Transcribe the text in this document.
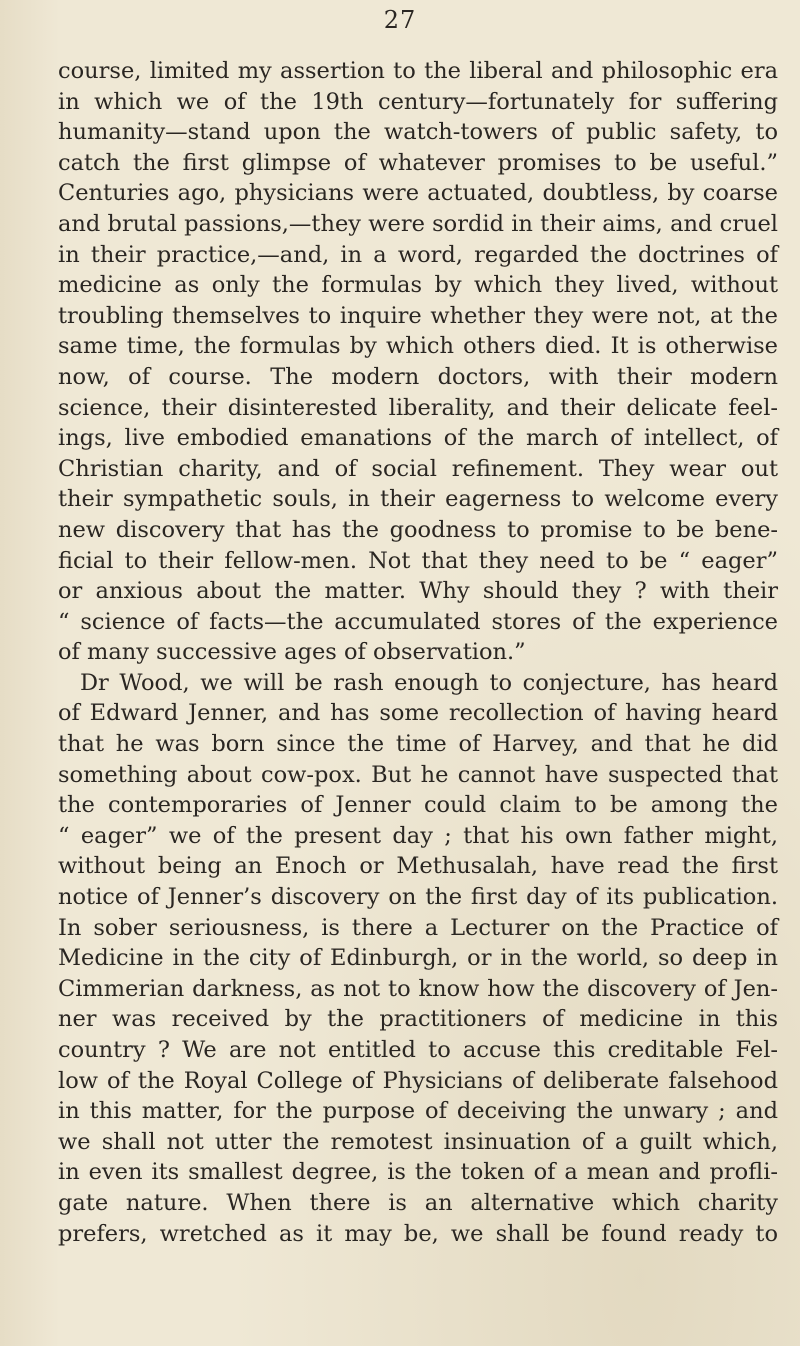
27
course, limited my assertion to the liberal and philosophic era
in which we of the 19th century—fortunately for suffering
humanity—stand upon the watch-towers of public safety, to
catch the first glimpse of whatever promises to be useful.”
Centuries ago, physicians were actuated, doubtless, by coarse
and brutal passions,—they were sordid in their aims, and cruel
in their practice,—and, in a word, regarded the doctrines of
medicine as only the formulas by which they lived, without
troubling themselves to inquire whether they were not, at the
same time, the formulas by which others died. It is otherwise
now, of course. The modern doctors, with their modern
science, their disinterested liberality, and their delicate feel-
ings, live embodied emanations of the march of intellect, of
Christian charity, and of social refinement. They wear out
their sympathetic souls, in their eagerness to welcome every
new discovery that has the goodness to promise to be bene-
ficial to their fellow-men. Not that they need to be “ eager”
or anxious about the matter. Why should they ? with their
“ science of facts—the accumulated stores of the experience
of many successive ages of observation.”
Dr Wood, we will be rash enough to conjecture, has heard
of Edward Jenner, and has some recollection of having heard
that he was born since the time of Harvey, and that he did
something about cow-pox. But he cannot have suspected that
the contemporaries of Jenner could claim to be among the
“ eager” we of the present day ; that his own father might,
without being an Enoch or Methusalah, have read the first
notice of Jenner’s discovery on the first day of its publication.
In sober seriousness, is there a Lecturer on the Practice of
Medicine in the city of Edinburgh, or in the world, so deep in
Cimmerian darkness, as not to know how the discovery of Jen-
ner was received by the practitioners of medicine in this
country ? We are not entitled to accuse this creditable Fel-
low of the Royal College of Physicians of deliberate falsehood
in this matter, for the purpose of deceiving the unwary ; and
we shall not utter the remotest insinuation of a guilt which,
in even its smallest degree, is the token of a mean and profli-
gate nature. When there is an alternative which charity
prefers, wretched as it may be, we shall be found ready to
